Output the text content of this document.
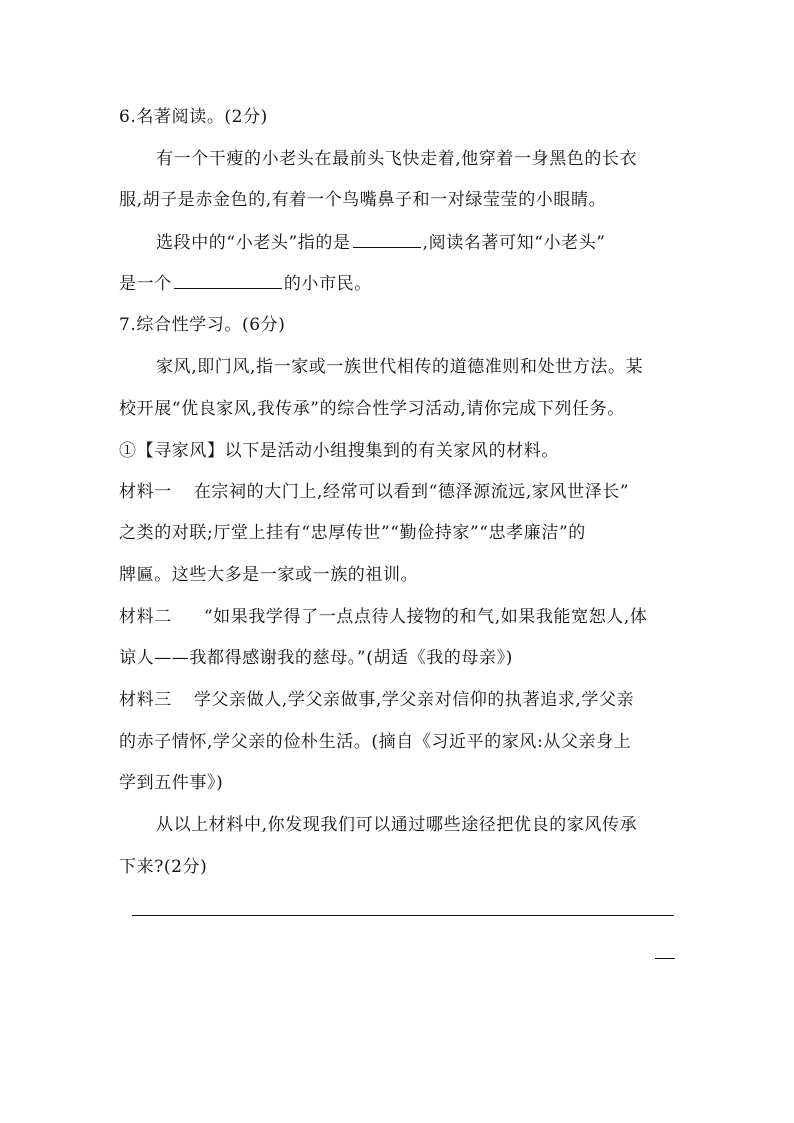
6.名著阅读。(2分)
有一个干瘦的小老头在最前头飞快走着,他穿着一身黑色的长衣
服,胡子是赤金色的,有着一个鸟嘴鼻子和一对绿莹莹的小眼睛。
选段中的“小老头”指的是	,阅读名著可知“小老头”
是一个	的小市民。
7.综合性学习。(6分)
家风,即门风,指一家或一族世代相传的道德准则和处世方法。某
校开展“优良家风,我传承”的综合性学习活动,请你完成下列任务。
①【寻家风】以下是活动小组搜集到的有关家风的材料。
材料一 在宗祠的大门上,经常可以看到“德泽源流远,家风世泽长”
之类的对联;厅堂上挂有“忠厚传世”“勤俭持家”“忠孝廉洁”的
牌匾。这些大多是一家或一族的祖训。
材料二 “如果我学得了一点点待人接物的和气,如果我能宽恕人,体
谅人——我都得感谢我的慈母。”(胡适《我的母亲》)
材料三 学父亲做人,学父亲做事,学父亲对信仰的执著追求,学父亲
的赤子情怀,学父亲的俭朴生活。(摘自《习近平的家风:从父亲身上
学到五件事》)
从以上材料中,你发现我们可以通过哪些途径把优良的家风传承
下来?(2分)
